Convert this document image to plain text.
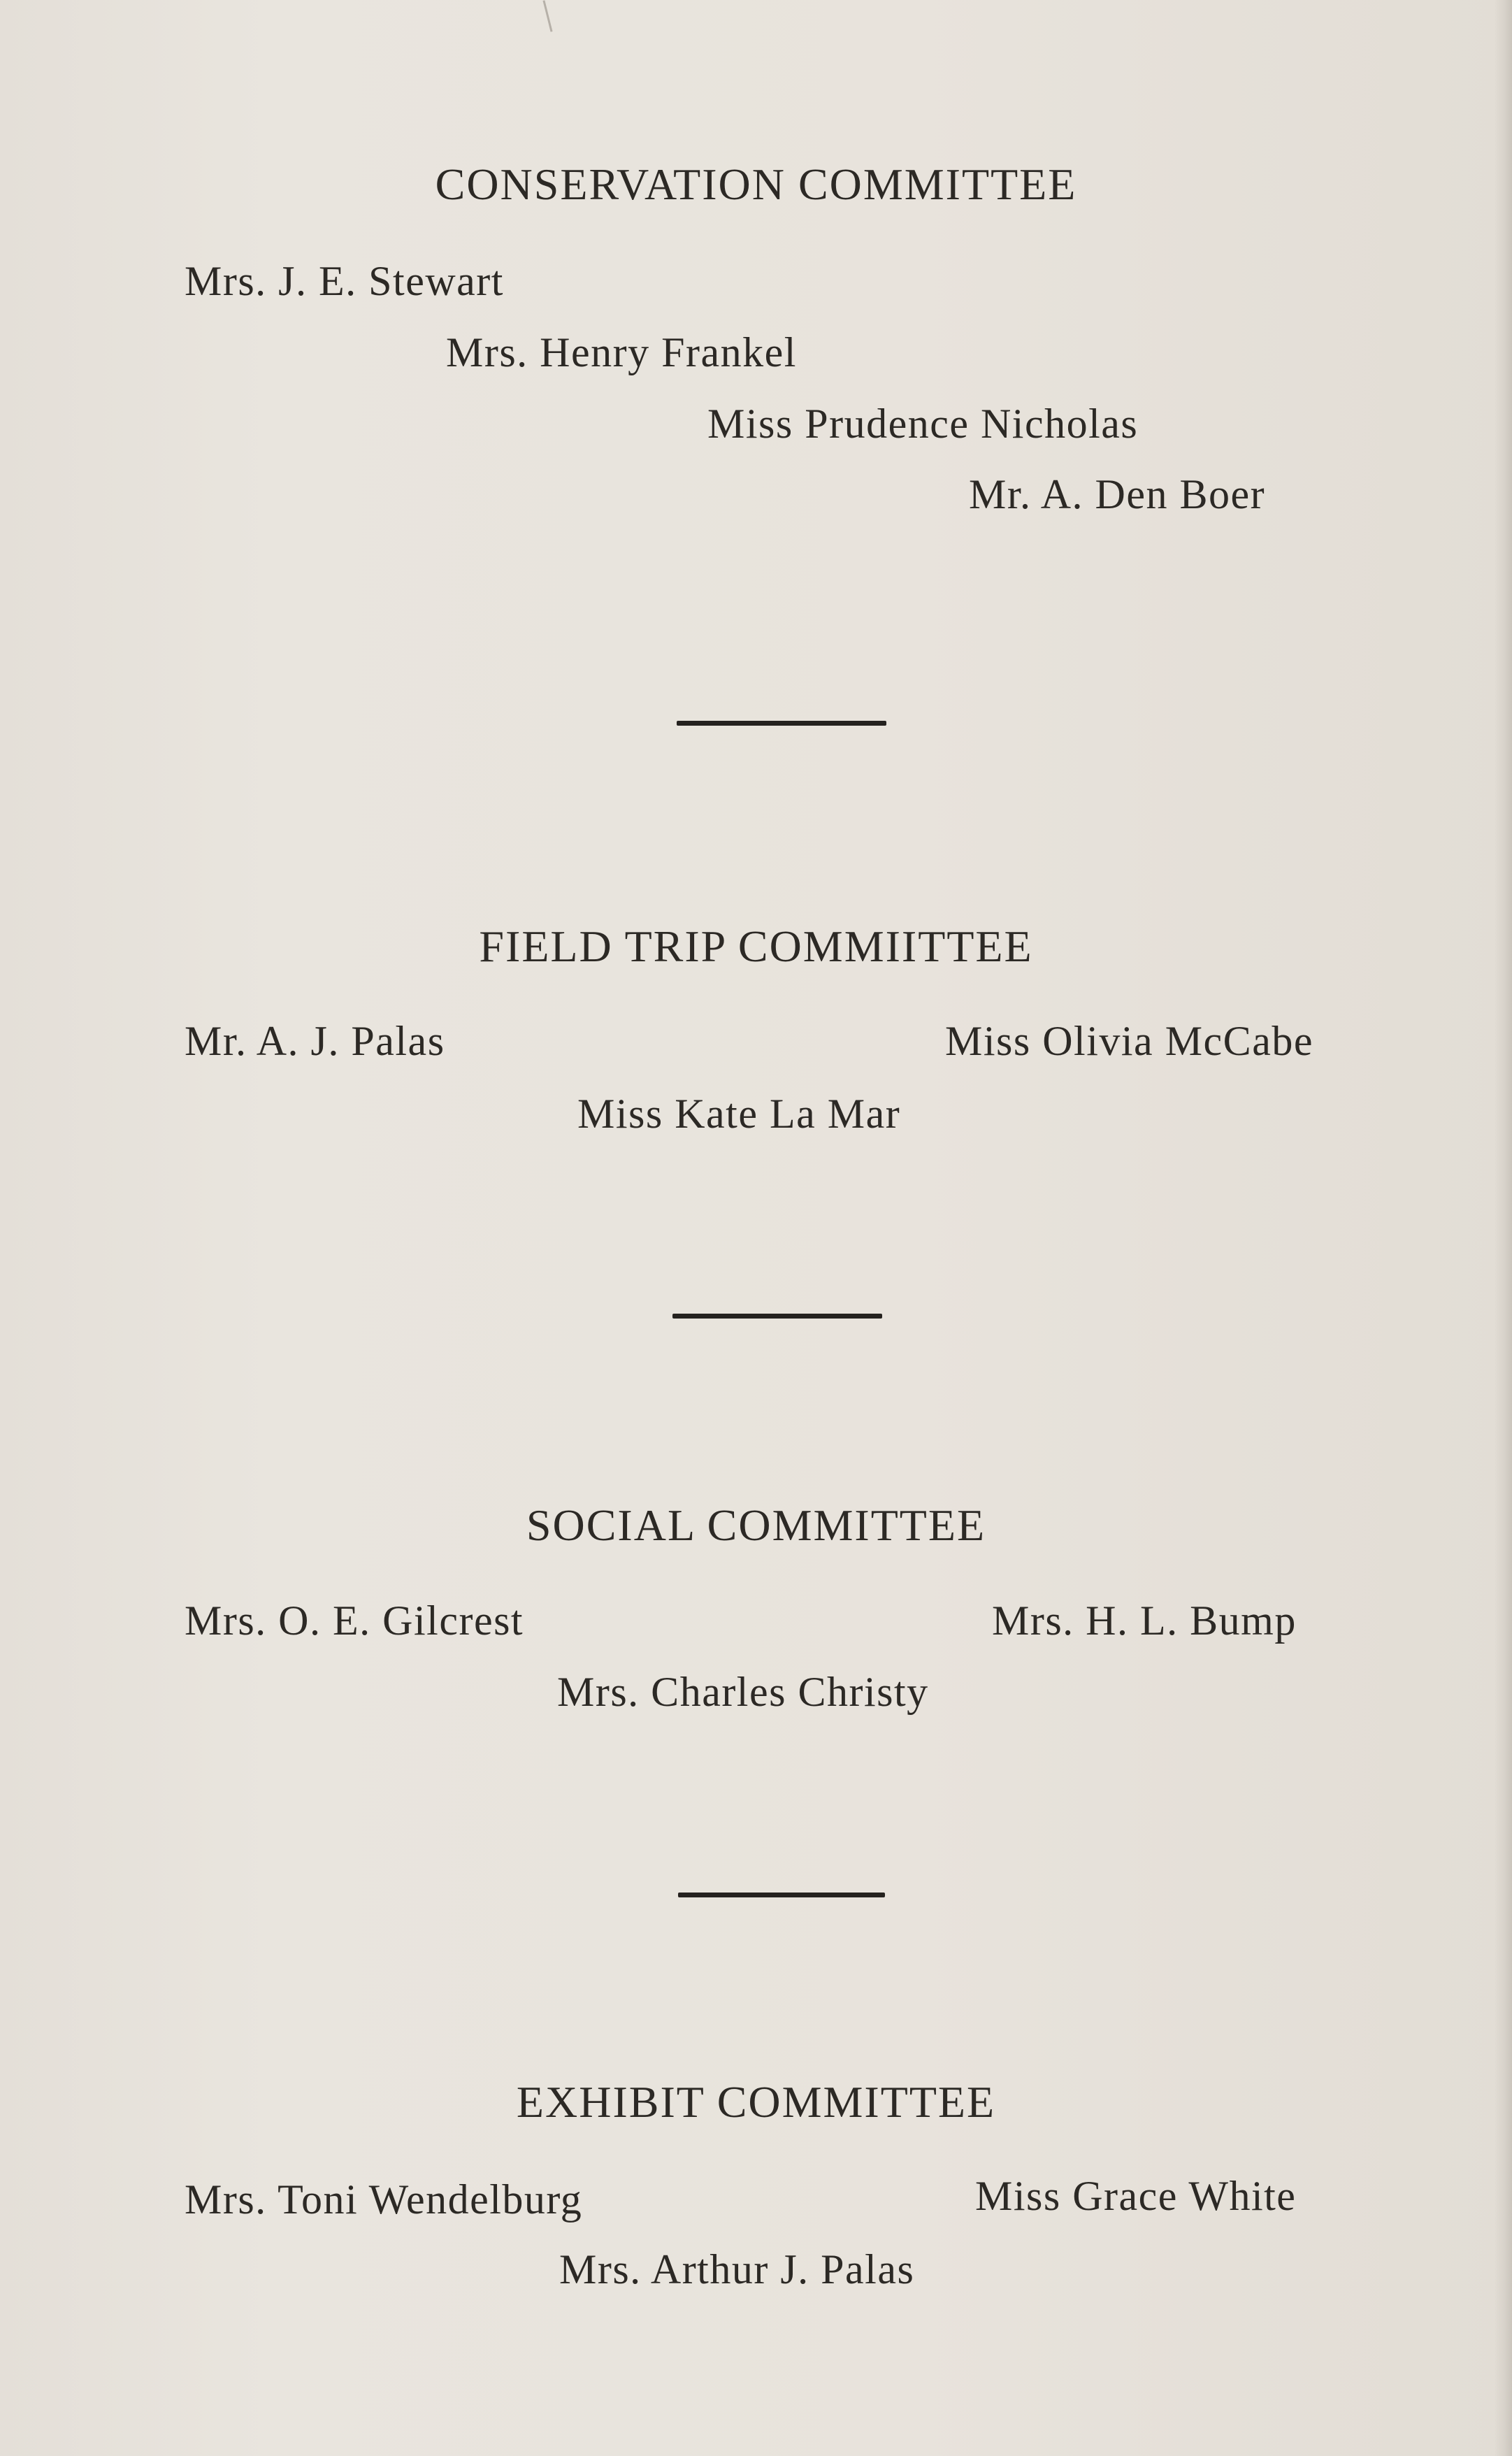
CONSERVATION COMMITTEE
Mrs. J. E. Stewart
Mrs. Henry Frankel
Miss Prudence Nicholas
Mr. A. Den Boer
FIELD TRIP COMMIITTEE
Mr. A. J. Palas	Miss Olivia McCabe
Miss Kate La Mar
SOCIAL COMMITTEE
Mrs. O. E. Gilcrest	Mrs. H. L. Bump
Mrs. Charles Christy
EXHIBIT COMMITTEE
Mrs. Toni Wendelburg	Miss Grace White
Mrs. Arthur J. Palas
